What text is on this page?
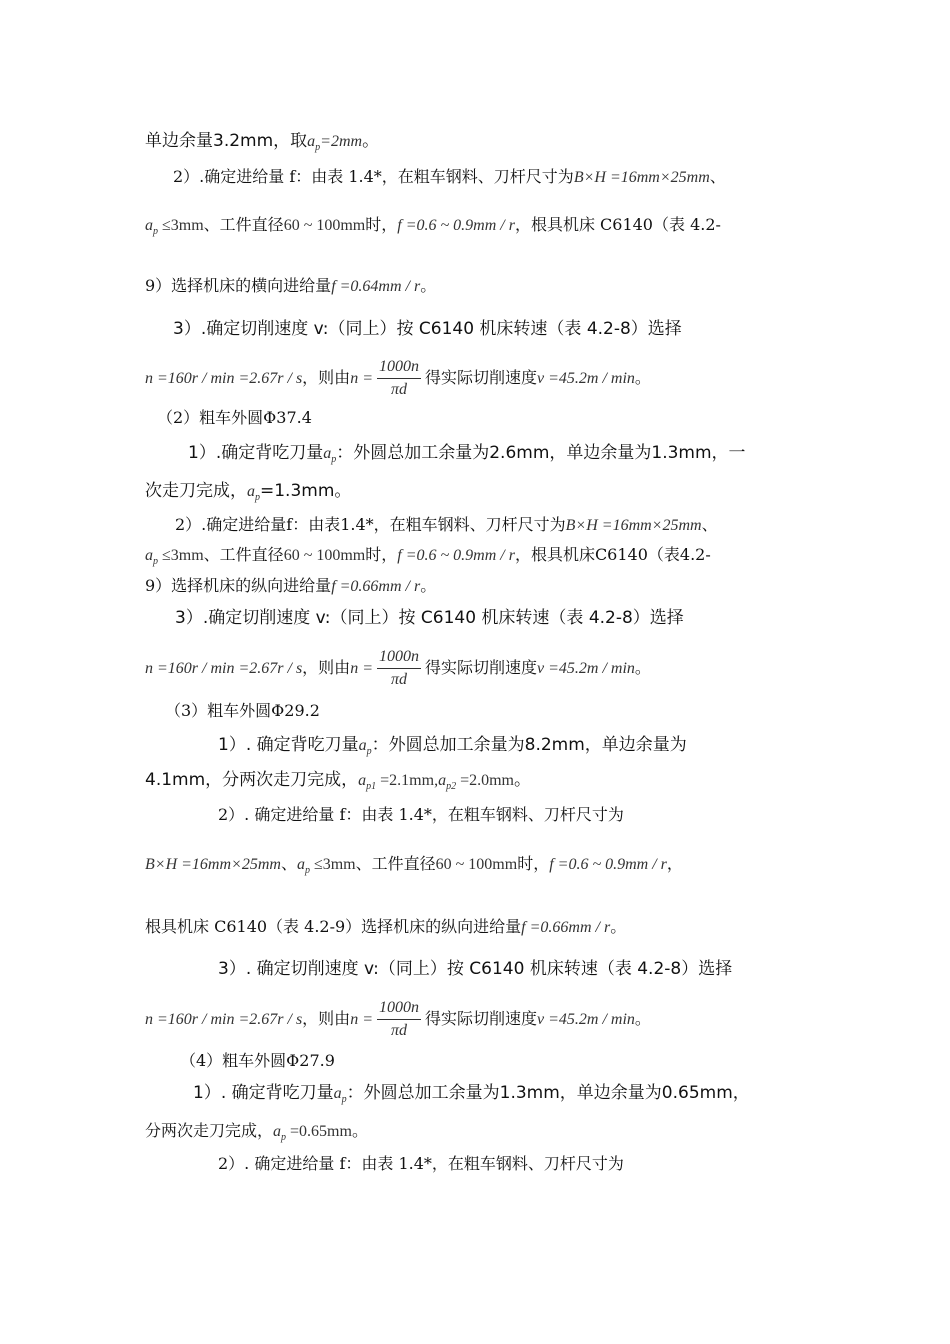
单边余量3.2mm，取$a_p=2mm$。
2）.确定进给量 f：由表 1.4*，在粗车钢料、刀杆尺寸为B×H =16mm×25mm、
$a_p \le 3mm$、工件直径60 ~ 100mm时，f =0.6 ~ 0.9mm / r，根具机床 C6140（表 4.2-
9）选择机床的横向进给量f =0.64mm / r。
3）.确定切削速度 v:（同上）按 C6140 机床转速（表 4.2-8）选择
n =160r / min =2.67r / s，则由$n = \frac{1000n}{\pi d}$ 得实际切削速度v =45.2m / min。
（2）粗车外圆Φ37.4
1）.确定背吃刀量$a_p$：外圆总加工余量为2.6mm，单边余量为1.3mm，一
次走刀完成，$a_p=1.3mm$。
2）.确定进给量f：由表1.4*，在粗车钢料、刀杆尺寸为B×H =16mm×25mm、
$a_p \le 3mm$、工件直径60 ~ 100mm时，f =0.6 ~ 0.9mm / r，根具机床C6140（表4.2-
9）选择机床的纵向进给量f =0.66mm / r。
3）.确定切削速度 v:（同上）按 C6140 机床转速（表 4.2-8）选择
n =160r / min =2.67r / s，则由$n = \frac{1000n}{\pi d}$ 得实际切削速度v =45.2m / min。
（3）粗车外圆Φ29.2
1）. 确定背吃刀量$a_p$：外圆总加工余量为8.2mm，单边余量为
4.1mm，分两次走刀完成，$a_{p1} =2.1mm,a_{p2} =2.0mm$。
2）. 确定进给量 f：由表 1.4*，在粗车钢料、刀杆尺寸为
B×H =16mm×25mm、$a_p \le 3mm$、工件直径60 ~ 100mm时，f =0.6 ~ 0.9mm / r，
根具机床 C6140（表 4.2-9）选择机床的纵向进给量f =0.66mm / r。
3）. 确定切削速度 v:（同上）按 C6140 机床转速（表 4.2-8）选择
n =160r / min =2.67r / s，则由$n = \frac{1000n}{\pi d}$ 得实际切削速度v =45.2m / min。
（4）粗车外圆Φ27.9
1）. 确定背吃刀量$a_p$：外圆总加工余量为1.3mm，单边余量为0.65mm，
分两次走刀完成，$a_p =0.65mm$。
2）. 确定进给量 f：由表 1.4*，在粗车钢料、刀杆尺寸为
